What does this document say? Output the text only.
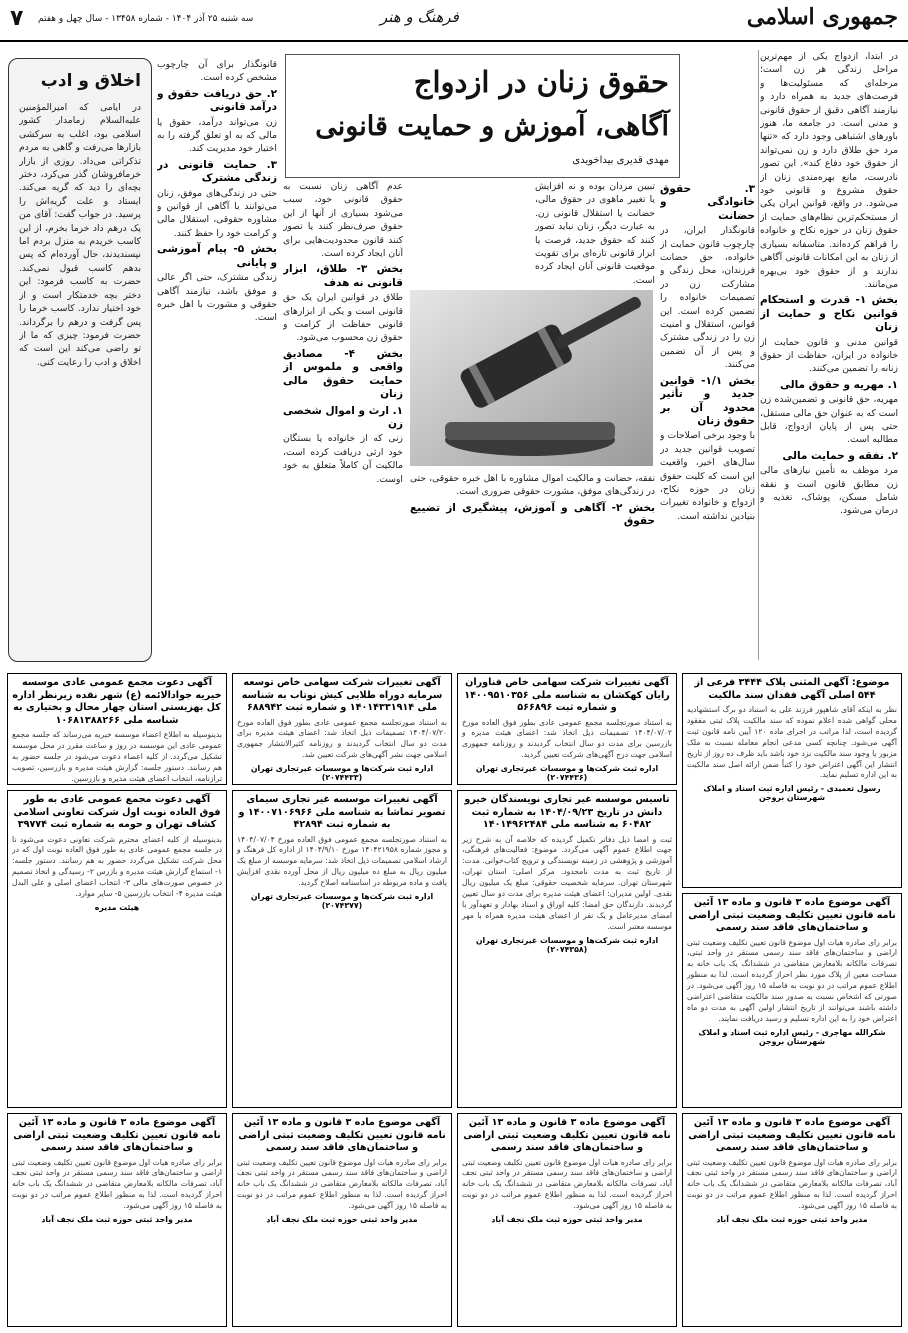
جمهوری اسلامی
فرهنگ و هنر
سه شنبه ۲۵ آذر ۱۴۰۴ - شماره ۱۳۴۵۸ - سال چهل و هفتم
۷
در ابتدا، ازدواج یکی از مهم‌ترین مراحل زندگی هر زن است؛ مرحله‌ای که مسئولیت‌ها و فرصت‌های جدید به همراه دارد و نیازمند آگاهی دقیق از حقوق قانونی و مدنی است. در جامعه ما، هنوز باورهای اشتباهی وجود دارد که «تنها مرد حق طلاق دارد و زن نمی‌تواند از حقوق خود دفاع کند». این تصور نادرست، مانع بهره‌مندی زنان از حقوق مشروع و قانونی خود می‌شود. در واقع، قوانین ایران یکی از مستحکم‌ترین نظام‌های حمایت از حقوق زنان در حوزه نکاح و خانواده را فراهم کرده‌اند. متاسفانه بسیاری از زنان به این امکانات قانونی آگاهی ندارند و از حقوق خود بی‌بهره می‌مانند.
بخش ۱- قدرت و استحکام قوانین نکاح و حمایت از زنان
قوانین مدنی و قانون حمایت از خانواده در ایران، حفاظت از حقوق زنانه را تضمین می‌کنند.
۱. مهریه و حقوق مالی
مهریه، حق قانونی و تضمین‌شده زن است که به عنوان حق مالی مستقل، حتی پس از پایان ازدواج، قابل مطالبه است.
۲. نفقه و حمایت مالی
مرد موظف به تأمین نیازهای مالی زن مطابق قانون است و نفقه شامل مسکن، پوشاک، تغذیه و درمان می‌شود.
حقوق زنان در ازدواج
آگاهی، آموزش و حمایت قانونی
مهدی قدیری بیداخویدی
۳. حقوق خانوادگی و حضانت
قانونگذار ایران، در چارچوب قانون حمایت از خانواده، حق حضانت فرزندان، محل زندگی و مشارکت زن در تصمیمات خانواده را تضمین کرده است. این قوانین، استقلال و امنیت زن را در زندگی مشترک و پس از آن تضمین می‌کنند.
بخش ۱/۱- قوانین جدید و تأثیر محدود آن بر حقوق زنان
با وجود برخی اصلاحات و تصویب قوانین جدید در سال‌های اخیر، واقعیت این است که کلیت حقوق زنان در حوزه نکاح، ازدواج و خانواده تغییرات بنیادین نداشته است.
تبیین مردان بوده و نه افزایش یا تغییر ماهوی در حقوق مالی، حضانت یا استقلال قانونی زن. به عبارت دیگر، زنان نباید تصور کنند که حقوق جدید، فرصت یا ابزار قانونی تازه‌ای برای تقویت موقعیت قانونی آنان ایجاد کرده است.
نفقه، حضانت و مالکیت اموال مشاوره با اهل خبره حقوقی، حتی در زندگی‌های موفق، مشورت حقوقی ضروری است.
بخش ۲- آگاهی و آموزش، پیشگیری از تضییع حقوق
عدم آگاهی زنان نسبت به حقوق قانونی خود، سبب می‌شود بسیاری از آنها از این حقوق صرف‌نظر کنند یا تصور کنند قانون محدودیت‌هایی برای آنان ایجاد کرده است.
بخش ۳- طلاق، ابزار قانونی نه هدف
طلاق در قوانین ایران یک حق قانونی است و یکی از ابزارهای قانونی حفاظت از کرامت و حقوق زن محسوب می‌شود.
بخش ۴- مصادیق واقعی و ملموس از حمایت حقوق مالی زنان
۱. ارث و اموال شخصی زن
زنی که از خانواده یا بستگان خود ارثی دریافت کرده است، مالکیت آن کاملاً متعلق به خود اوست.
قانونگذار برای آن چارچوب مشخص کرده است.
۲. حق دریافت حقوق و درآمد قانونی
زن می‌تواند درآمد، حقوق یا مالی که به او تعلق گرفته را به اختیار خود مدیریت کند.
۳. حمایت قانونی در زندگی مشترک
حتی در زندگی‌های موفق، زنان می‌توانند با آگاهی از قوانین و مشاوره حقوقی، استقلال مالی و کرامت خود را حفظ کنند.
بخش ۵- پیام آموزشی و پایانی
زندگی مشترک، حتی اگر عالی و موفق باشد، نیازمند آگاهی حقوقی و مشورت با اهل خبره است.
اخلاق و ادب
در ایامی که امیرالمؤمنین علیه‌السلام زمامدار کشور اسلامی بود، اغلب به سرکشی بازارها می‌رفت و گاهی به مردم تذکراتی می‌داد. روزی از بازار خرمافروشان گذر می‌کرد، دختر بچه‌ای را دید که گریه می‌کند. ایستاد و علت گریه‌اش را پرسید. در جواب گفت: آقای من یک درهم داد خرما بخرم، از این کاسب خریدم به منزل بردم اما نپسندیدند، حال آورده‌ام که پس بدهم کاسب قبول نمی‌کند. حضرت به کاسب فرمود: این دختر بچه خدمتکار است و از خود اختیار ندارد. کاسب خرما را پس گرفت و درهم را برگرداند. حضرت فرمود: چیزی که ما از تو راضی می‌کند این است که اخلاق و ادب را رعایت کنی.
موضوع: آگهی المثنی پلاک ۳۴۴۴ فرعی از ۵۴۴ اصلی آگهی فقدان سند مالکیت
نظر به اینکه آقای شاهپور فرزند علی به استناد دو برگ استشهادیه محلی گواهی شده اعلام نموده که سند مالکیت پلاک ثبتی مفقود گردیده است، لذا مراتب در اجرای ماده ۱۲۰ آیین نامه قانون ثبت آگهی می‌شود. چنانچه کسی مدعی انجام معامله نسبت به ملک مزبور یا وجود سند مالکیت نزد خود باشد باید ظرف ده روز از تاریخ انتشار این آگهی اعتراض خود را کتباً ضمن ارائه اصل سند مالکیت به این اداره تسلیم نماید.
رسول تعمیدی - رئیس اداره ثبت اسناد و املاک شهرستان بروجن
آگهی تغییرات شرکت سهامی خاص فناوران رایان کهکشان به شناسه ملی ۱۴۰۰۹۵۱۰۳۵۶ و شماره ثبت ۵۶۶۸۹۶
به استناد صورتجلسه مجمع عمومی عادی بطور فوق العاده مورخ ۱۴۰۴/۰۷/۰۲ تصمیمات ذیل اتخاذ شد: اعضای هیئت مدیره و بازرسین برای مدت دو سال انتخاب گردیدند و روزنامه جمهوری اسلامی جهت درج آگهی‌های شرکت تعیین گردید.
اداره ثبت شرکت‌ها و موسسات غیرتجاری تهران (۲۰۷۴۴۳۶)
آگهی تغییرات شرکت سهامی خاص توسعه سرمایه دوراه طلایی کیش نوتاب به شناسه ملی ۱۴۰۱۴۳۳۱۹۱۴ و شماره ثبت ۶۸۸۹۴۲
به استناد صورتجلسه مجمع عمومی عادی بطور فوق العاده مورخ ۱۴۰۴/۰۷/۲۰ تصمیمات ذیل اتخاذ شد: اعضای هیئت مدیره برای مدت دو سال انتخاب گردیدند و روزنامه کثیرالانتشار جمهوری اسلامی جهت نشر آگهی‌های شرکت تعیین شد.
اداره ثبت شرکت‌ها و موسسات غیرتجاری تهران (۲۰۷۴۴۳۳)
آگهی دعوت مجمع عمومی عادی موسسه خیریه جوادالائمه (ع) شهر نقده زیرنظر اداره کل بهزیستی استان چهار محال و بختیاری به شناسه ملی ۱۰۶۸۱۳۸۸۲۶۶
بدینوسیله به اطلاع اعضاء موسسه خیریه می‌رساند که جلسه مجمع عمومی عادی این موسسه در روز و ساعت مقرر در محل موسسه تشکیل می‌گردد. از کلیه اعضاء دعوت می‌شود در جلسه حضور به هم رسانند. دستور جلسه: گزارش هیئت مدیره و بازرسین، تصویب ترازنامه، انتخاب اعضای هیئت مدیره و بازرسین.
آگهی موضوع ماده ۳ قانون و ماده ۱۳ آئین نامه قانون تعیین تکلیف وضعیت ثبتی اراضی و ساختمان‌های فاقد سند رسمی
برابر رای صادره هیات اول موضوع قانون تعیین تکلیف وضعیت ثبتی اراضی و ساختمان‌های فاقد سند رسمی مستقر در واحد ثبتی، تصرفات مالکانه بلامعارض متقاضی در ششدانگ یک باب خانه به مساحت معین از پلاک مورد نظر احراز گردیده است. لذا به منظور اطلاع عموم مراتب در دو نوبت به فاصله ۱۵ روز آگهی می‌شود. در صورتی که اشخاص نسبت به صدور سند مالکیت متقاضی اعتراضی داشته باشند می‌توانند از تاریخ انتشار اولین آگهی به مدت دو ماه اعتراض خود را به این اداره تسلیم و رسید دریافت نمایند.
شکرالله مهاجری - رئیس اداره ثبت اسناد و املاک شهرستان بروجن
تاسیس موسسه غیر تجاری نویسندگان خیرو دانش در تاریخ ۱۴۰۴/۰۹/۲۳ به شماره ثبت ۶۰۴۸۲ به شناسه ملی ۱۴۰۱۴۹۶۲۴۸۴
ثبت و امضا ذیل دفاتر تکمیل گردیده که خلاصه آن به شرح زیر جهت اطلاع عموم آگهی می‌گردد. موضوع: فعالیت‌های فرهنگی، آموزشی و پژوهشی در زمینه نویسندگی و ترویج کتاب‌خوانی. مدت: از تاریخ ثبت به مدت نامحدود. مرکز اصلی: استان تهران، شهرستان تهران. سرمایه شخصیت حقوقی: مبلغ یک میلیون ریال نقدی. اولین مدیران: اعضای هیئت مدیره برای مدت دو سال تعیین گردیدند. دارندگان حق امضا: کلیه اوراق و اسناد بهادار و تعهدآور با امضای مدیرعامل و یک نفر از اعضای هیئت مدیره همراه با مهر موسسه معتبر است.
اداره ثبت شرکت‌ها و موسسات غیرتجاری تهران (۲۰۷۴۳۵۸)
آگهی تغییرات موسسه غیر تجاری سیمای تصویر تماشا به شناسه ملی ۱۴۰۰۷۱۰۶۹۶۶ و به شماره ثبت ۴۲۸۹۴
به استناد صورتجلسه مجمع عمومی فوق العاده مورخ ۱۴۰۴/۰۷/۰۴ و مجوز شماره ۱۴۰۴۲۱۹۵۸ مورخ ۱۴۰۴/۹/۱۰ از اداره کل فرهنگ و ارشاد اسلامی تصمیمات ذیل اتخاذ شد: سرمایه موسسه از مبلغ یک میلیون ریال به مبلغ ده میلیون ریال از محل آورده نقدی افزایش یافت و ماده مربوطه در اساسنامه اصلاح گردید.
اداره ثبت شرکت‌ها و موسسات غیرتجاری تهران (۲۰۷۴۳۷۷)
آگهی دعوت مجمع عمومی عادی به طور فوق العاده نوبت اول شرکت تعاونی اسلامی کشاف تهران و حومه به شماره ثبت ۳۹۷۷۴
بدینوسیله از کلیه اعضای محترم شرکت تعاونی دعوت می‌شود تا در جلسه مجمع عمومی عادی به طور فوق العاده نوبت اول که در محل شرکت تشکیل می‌گردد حضور به هم رسانند. دستور جلسه: ۱- استماع گزارش هیئت مدیره و بازرس ۲- رسیدگی و اتخاذ تصمیم در خصوص صورت‌های مالی ۳- انتخاب اعضای اصلی و علی البدل هیئت مدیره ۴- انتخاب بازرسین ۵- سایر موارد.
هیئت مدیره
آگهی موضوع ماده ۳ قانون و ماده ۱۳ آئین نامه قانون تعیین تکلیف وضعیت ثبتی اراضی و ساختمان‌های فاقد سند رسمی
برابر رای صادره هیات اول موضوع قانون تعیین تکلیف وضعیت ثبتی اراضی و ساختمان‌های فاقد سند رسمی مستقر در واحد ثبتی نجف آباد، تصرفات مالکانه بلامعارض متقاضی در ششدانگ یک باب خانه احراز گردیده است. لذا به منظور اطلاع عموم مراتب در دو نوبت به فاصله ۱۵ روز آگهی می‌شود.
مدیر واحد ثبتی حوزه ثبت ملک نجف آباد
آگهی موضوع ماده ۳ قانون و ماده ۱۳ آئین نامه قانون تعیین تکلیف وضعیت ثبتی اراضی و ساختمان‌های فاقد سند رسمی
برابر رای صادره هیات اول موضوع قانون تعیین تکلیف وضعیت ثبتی اراضی و ساختمان‌های فاقد سند رسمی مستقر در واحد ثبتی نجف آباد، تصرفات مالکانه بلامعارض متقاضی در ششدانگ یک باب خانه احراز گردیده است. لذا به منظور اطلاع عموم مراتب در دو نوبت به فاصله ۱۵ روز آگهی می‌شود.
مدیر واحد ثبتی حوزه ثبت ملک نجف آباد
آگهی موضوع ماده ۳ قانون و ماده ۱۳ آئین نامه قانون تعیین تکلیف وضعیت ثبتی اراضی و ساختمان‌های فاقد سند رسمی
برابر رای صادره هیات اول موضوع قانون تعیین تکلیف وضعیت ثبتی اراضی و ساختمان‌های فاقد سند رسمی مستقر در واحد ثبتی نجف آباد، تصرفات مالکانه بلامعارض متقاضی در ششدانگ یک باب خانه احراز گردیده است. لذا به منظور اطلاع عموم مراتب در دو نوبت به فاصله ۱۵ روز آگهی می‌شود.
مدیر واحد ثبتی حوزه ثبت ملک نجف آباد
آگهی موضوع ماده ۳ قانون و ماده ۱۳ آئین نامه قانون تعیین تکلیف وضعیت ثبتی اراضی و ساختمان‌های فاقد سند رسمی
برابر رای صادره هیات اول موضوع قانون تعیین تکلیف وضعیت ثبتی اراضی و ساختمان‌های فاقد سند رسمی مستقر در واحد ثبتی نجف آباد، تصرفات مالکانه بلامعارض متقاضی در ششدانگ یک باب خانه احراز گردیده است. لذا به منظور اطلاع عموم مراتب در دو نوبت به فاصله ۱۵ روز آگهی می‌شود.
مدیر واحد ثبتی حوزه ثبت ملک نجف آباد
